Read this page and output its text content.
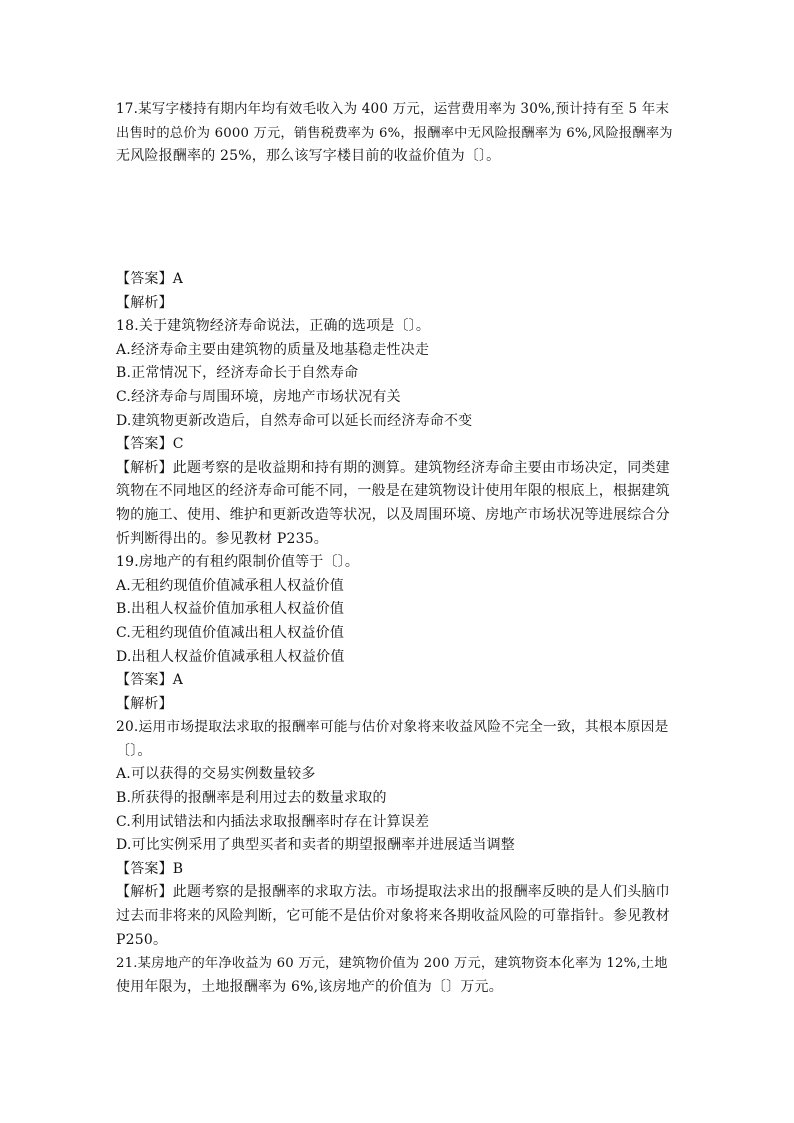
17.某写字楼持有期内年均有效毛收入为 400 万元，运营费用率为 30%,预计持有至 5 年末
出售时的总价为 6000 万元，销售税费率为 6%，报酬率中无风险报酬率为 6%,风险报酬率为
无风险报酬率的 25%，那么该写字楼目前的收益价值为〔〕。
【答案】A
【解析】
18.关于建筑物经济寿命说法，正确的选项是〔〕。
A.经济寿命主要由建筑物的质量及地基稳走性决走
B.正常情况下，经济寿命长于自然寿命
C.经济寿命与周围环境，房地产市场状况有关
D.建筑物更新改造后，自然寿命可以延长而经济寿命不变
【答案】C
【解析】此题考察的是收益期和持有期的测算。建筑物经济寿命主要由市场决定，同类建
筑物在不同地区的经济寿命可能不同，一般是在建筑物设计使用年限的根底上，根据建筑
物的施工、使用、维护和更新改造等状况，以及周围环境、房地产市场状况等进展综合分
忻判断得出的。参见教材 P235。
19.房地产的有租约限制价值等于〔〕。
A.无租约现值价值减承租人权益价值
B.出租人权益价值加承租人权益价值
C.无租约现值价值减出租人权益价值
D.出租人权益价值减承租人权益价值
【答案】A
【解析】
20.运用市场提取法求取的报酬率可能与估价对象将来收益风险不完全一致，其根本原因是
〔〕。
A.可以获得的交易实例数量较多
B.所获得的报酬率是利用过去的数量求取的
C.利用试错法和内插法求取报酬率时存在计算误差
D.可比实例采用了典型买者和卖者的期望报酬率并进展适当调整
【答案】B
【解析】此题考察的是报酬率的求取方法。市场提取法求出的报酬率反映的是人们头脑巾
过去而非将来的风险判断，它可能不是估价对象将来各期收益风险的可靠指针。参见教材
P250。
21.某房地产的年净收益为 60 万元，建筑物价值为 200 万元，建筑物资本化率为 12%,土地
使用年限为，土地报酬率为 6%,该房地产的价值为〔〕万元。
